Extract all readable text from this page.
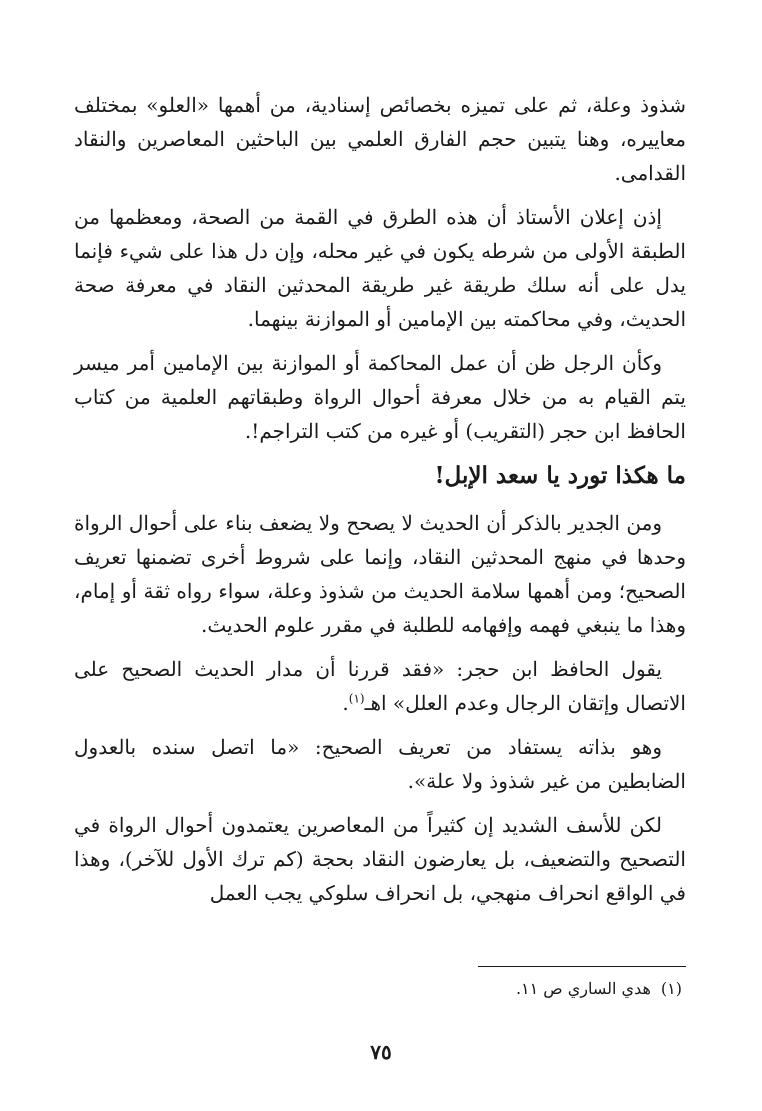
شذوذ وعلة، ثم على تميزه بخصائص إسنادية، من أهمها «العلو» بمختلف معاييره، وهنا يتبين حجم الفارق العلمي بين الباحثين المعاصرين والنقاد القدامى.

إذن إعلان الأستاذ أن هذه الطرق في القمة من الصحة، ومعظمها من الطبقة الأولى من شرطه يكون في غير محله، وإن دل هذا على شيء فإنما يدل على أنه سلك طريقة غير طريقة المحدثين النقاد في معرفة صحة الحديث، وفي محاكمته بين الإمامين أو الموازنة بينهما.

وكأن الرجل ظن أن عمل المحاكمة أو الموازنة بين الإمامين أمر ميسر يتم القيام به من خلال معرفة أحوال الرواة وطبقاتهم العلمية من كتاب الحافظ ابن حجر (التقريب) أو غيره من كتب التراجم!.

ما هكذا تورد يا سعد الإبل!

ومن الجدير بالذكر أن الحديث لا يصحح ولا يضعف بناء على أحوال الرواة وحدها في منهج المحدثين النقاد، وإنما على شروط أخرى تضمنها تعريف الصحيح؛ ومن أهمها سلامة الحديث من شذوذ وعلة، سواء رواه ثقة أو إمام، وهذا ما ينبغي فهمه وإفهامه للطلبة في مقرر علوم الحديث.

يقول الحافظ ابن حجر: «فقد قررنا أن مدار الحديث الصحيح على الاتصال وإتقان الرجال وعدم العلل» اهـ$^{(١)}$.

وهو بذاته يستفاد من تعريف الصحيح: «ما اتصل سنده بالعدول الضابطين من غير شذوذ ولا علة».

لكن للأسف الشديد إن كثيراً من المعاصرين يعتمدون أحوال الرواة في التصحيح والتضعيف، بل يعارضون النقاد بحجة (كم ترك الأول للآخر)، وهذا في الواقع انحراف منهجي، بل انحراف سلوكي يجب العمل

(١)هدي الساري ص ١١.
٧٥
